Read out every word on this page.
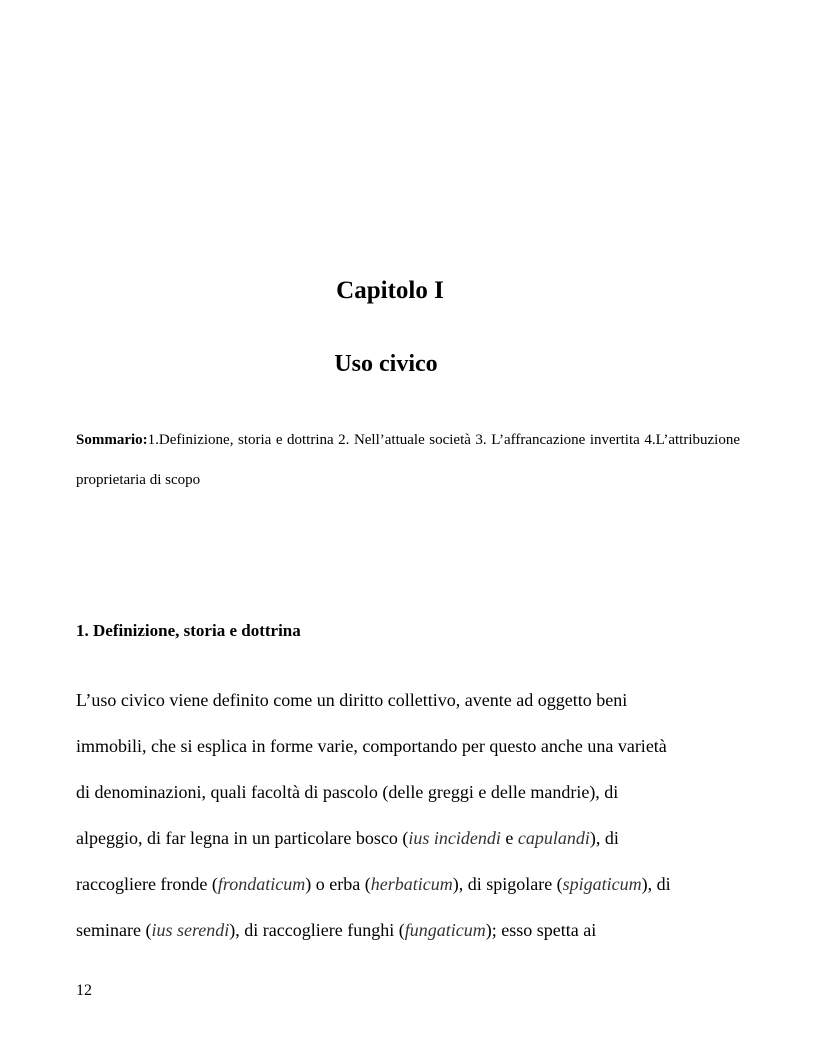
Capitolo I
Uso civico

Sommario:1.Definizione, storia e dottrina 2. Nell’attuale società 3. L’affrancazione invertita 4.L’attribuzione proprietaria di scopo

1. Definizione, storia e dottrina
L’uso civico viene definito come un diritto collettivo, avente ad oggetto beni
immobili, che si esplica in forme varie, comportando per questo anche una varietà
di denominazioni, quali facoltà di pascolo (delle greggi e delle mandrie), di
alpeggio, di far legna in un particolare bosco (ius incidendi e capulandi), di
raccogliere fronde (frondaticum) o erba (herbaticum), di spigolare (spigaticum), di
seminare (ius serendi), di raccogliere funghi (fungaticum); esso spetta ai

12
